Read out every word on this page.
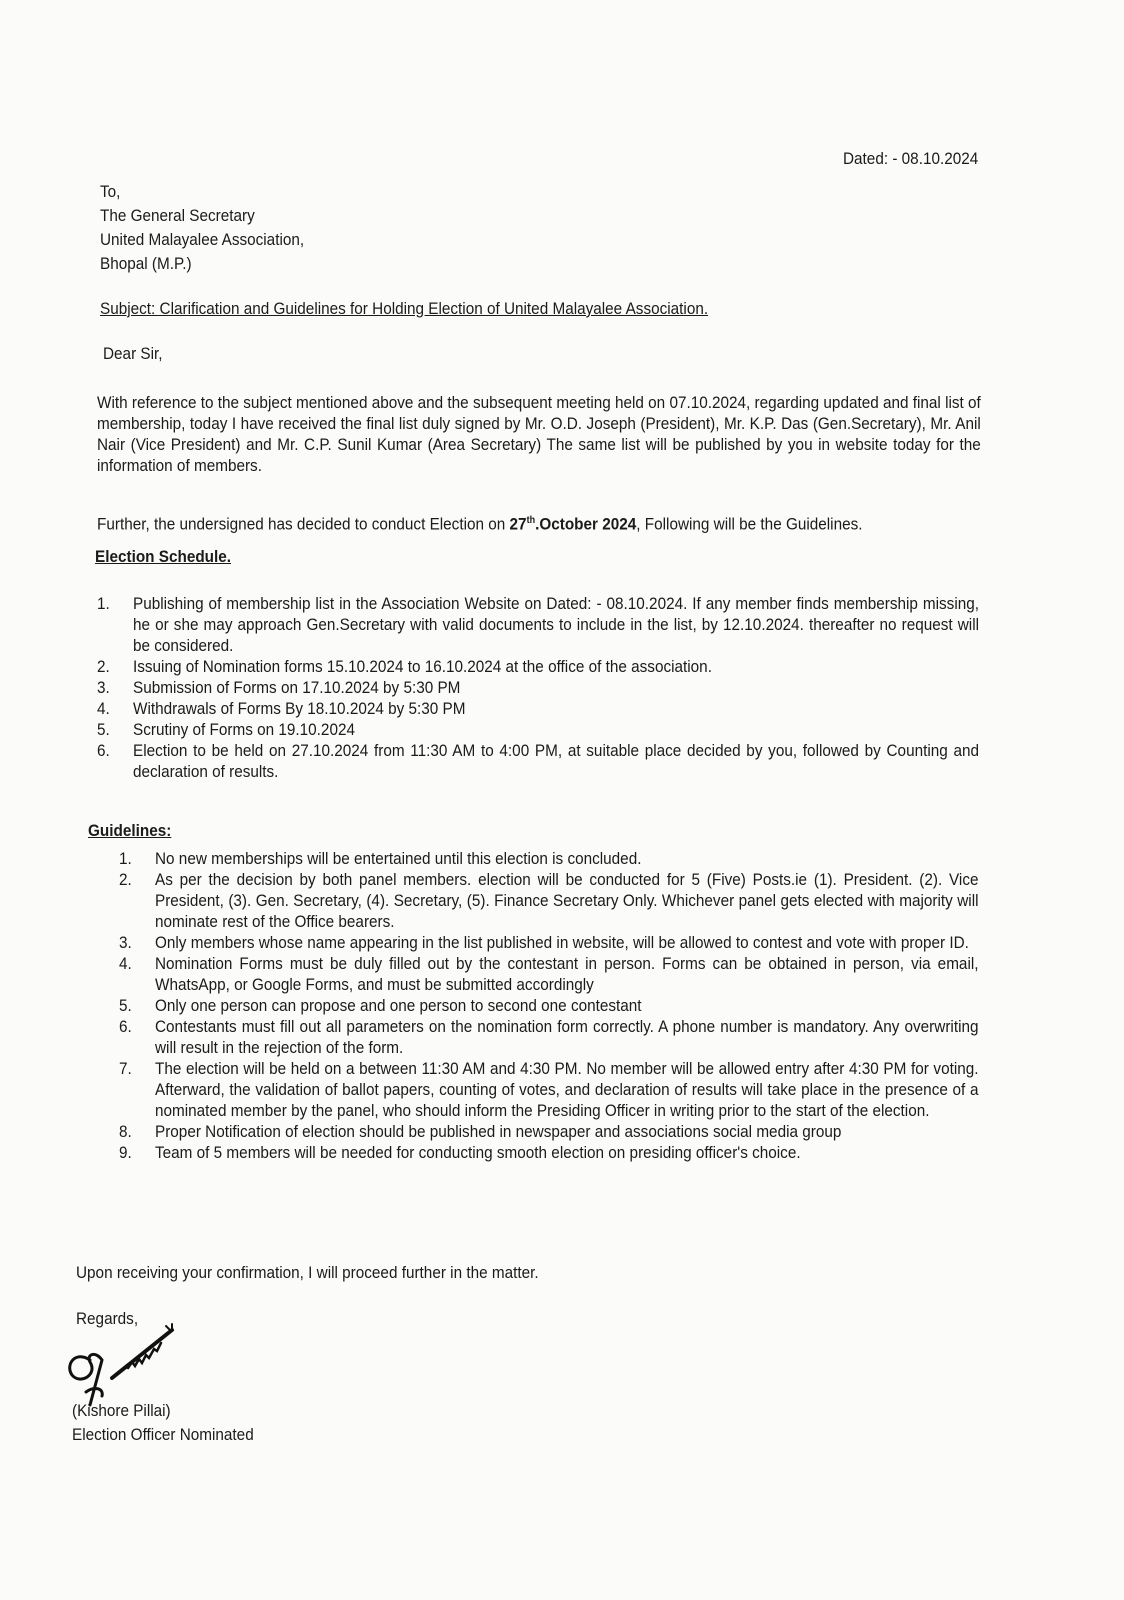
Dated: - 08.10.2024
To,
The General Secretary
United Malayalee Association,
Bhopal (M.P.)
Subject: Clarification and Guidelines for Holding Election of United Malayalee Association.
Dear Sir,
With reference to the subject mentioned above and the subsequent meeting held on 07.10.2024, regarding updated and final list of membership, today I have received the final list duly signed by Mr. O.D. Joseph (President), Mr. K.P. Das (Gen.Secretary), Mr. Anil Nair (Vice President) and Mr. C.P. Sunil Kumar (Area Secretary) The same list will be published by you in website today for the information of members.
Further, the undersigned has decided to conduct Election on 27th.October 2024, Following will be the Guidelines.
Election Schedule.
1. Publishing of membership list in the Association Website on Dated: - 08.10.2024. If any member finds membership missing, he or she may approach Gen.Secretary with valid documents to include in the list, by 12.10.2024. thereafter no request will be considered.
2. Issuing of Nomination forms 15.10.2024 to 16.10.2024 at the office of the association.
3. Submission of Forms on 17.10.2024 by 5:30 PM
4. Withdrawals of Forms By 18.10.2024 by 5:30 PM
5. Scrutiny of Forms on 19.10.2024
6. Election to be held on 27.10.2024 from 11:30 AM to 4:00 PM, at suitable place decided by you, followed by Counting and declaration of results.
Guidelines:
1. No new memberships will be entertained until this election is concluded.
2. As per the decision by both panel members. election will be conducted for 5 (Five) Posts.ie (1). President. (2). Vice President, (3). Gen. Secretary, (4). Secretary, (5). Finance Secretary Only. Whichever panel gets elected with majority will nominate rest of the Office bearers.
3. Only members whose name appearing in the list published in website, will be allowed to contest and vote with proper ID.
4. Nomination Forms must be duly filled out by the contestant in person. Forms can be obtained in person, via email, WhatsApp, or Google Forms, and must be submitted accordingly
5. Only one person can propose and one person to second one contestant
6. Contestants must fill out all parameters on the nomination form correctly. A phone number is mandatory. Any overwriting will result in the rejection of the form.
7. The election will be held on a between 11:30 AM and 4:30 PM. No member will be allowed entry after 4:30 PM for voting. Afterward, the validation of ballot papers, counting of votes, and declaration of results will take place in the presence of a nominated member by the panel, who should inform the Presiding Officer in writing prior to the start of the election.
8. Proper Notification of election should be published in newspaper and associations social media group
9. Team of 5 members will be needed for conducting smooth election on presiding officer's choice.
Upon receiving your confirmation, I will proceed further in the matter.
Regards,
(Kishore Pillai)
Election Officer Nominated
